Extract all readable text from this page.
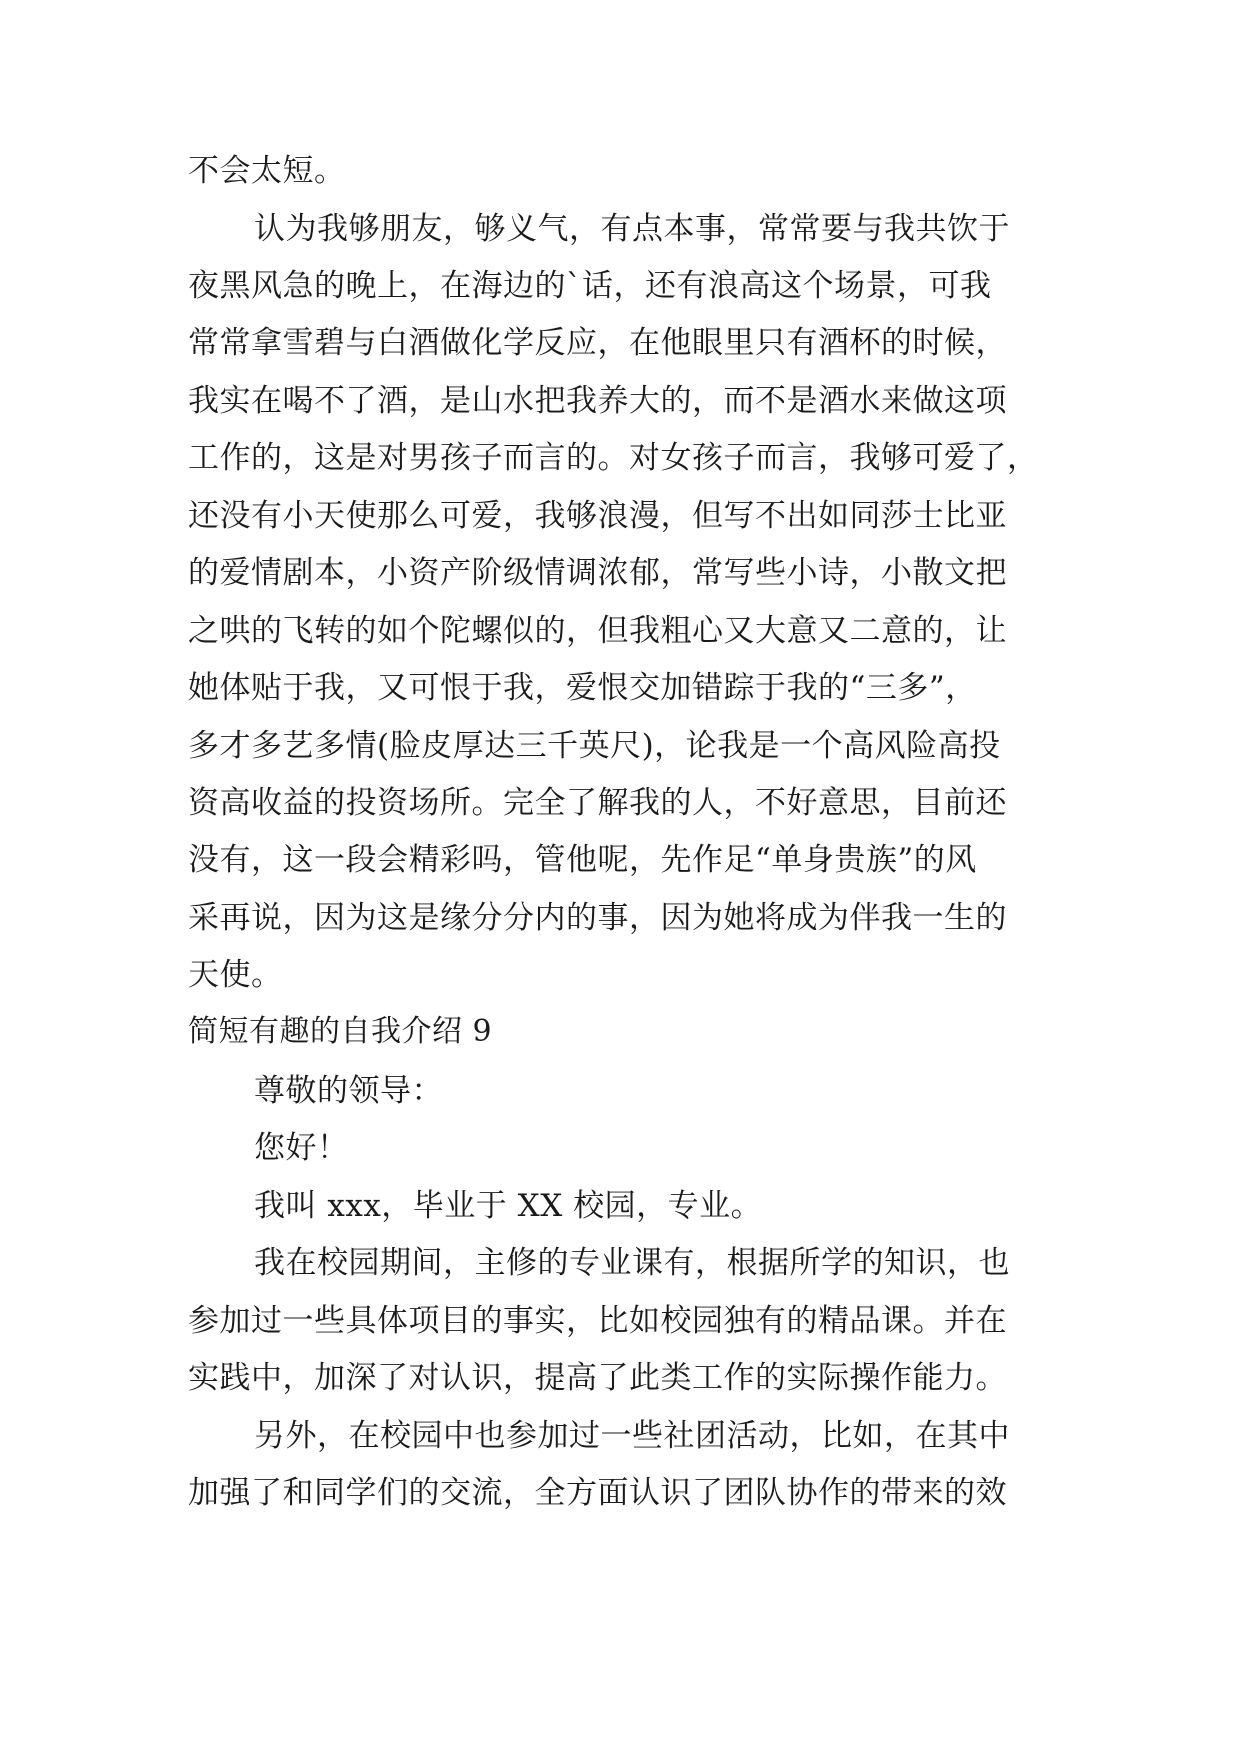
不会太短。
认为我够朋友，够义气，有点本事，常常要与我共饮于
夜黑风急的晚上，在海边的`话，还有浪高这个场景，可我
常常拿雪碧与白酒做化学反应，在他眼里只有酒杯的时候，
我实在喝不了酒，是山水把我养大的，而不是酒水来做这项
工作的，这是对男孩子而言的。对女孩子而言，我够可爱了，
还没有小天使那么可爱，我够浪漫，但写不出如同莎士比亚
的爱情剧本，小资产阶级情调浓郁，常写些小诗，小散文把
之哄的飞转的如个陀螺似的，但我粗心又大意又二意的，让
她体贴于我，又可恨于我，爱恨交加错踪于我的“三多”，
多才多艺多情(脸皮厚达三千英尺)，论我是一个高风险高投
资高收益的投资场所。完全了解我的人，不好意思，目前还
没有，这一段会精彩吗，管他呢，先作足“单身贵族”的风
采再说，因为这是缘分分内的事，因为她将成为伴我一生的
天使。
简短有趣的自我介绍 9
尊敬的领导：
您好！
我叫 xxx，毕业于 XX 校园，专业。
我在校园期间，主修的专业课有，根据所学的知识，也
参加过一些具体项目的事实，比如校园独有的精品课。并在
实践中，加深了对认识，提高了此类工作的实际操作能力。
另外，在校园中也参加过一些社团活动，比如，在其中
加强了和同学们的交流，全方面认识了团队协作的带来的效
